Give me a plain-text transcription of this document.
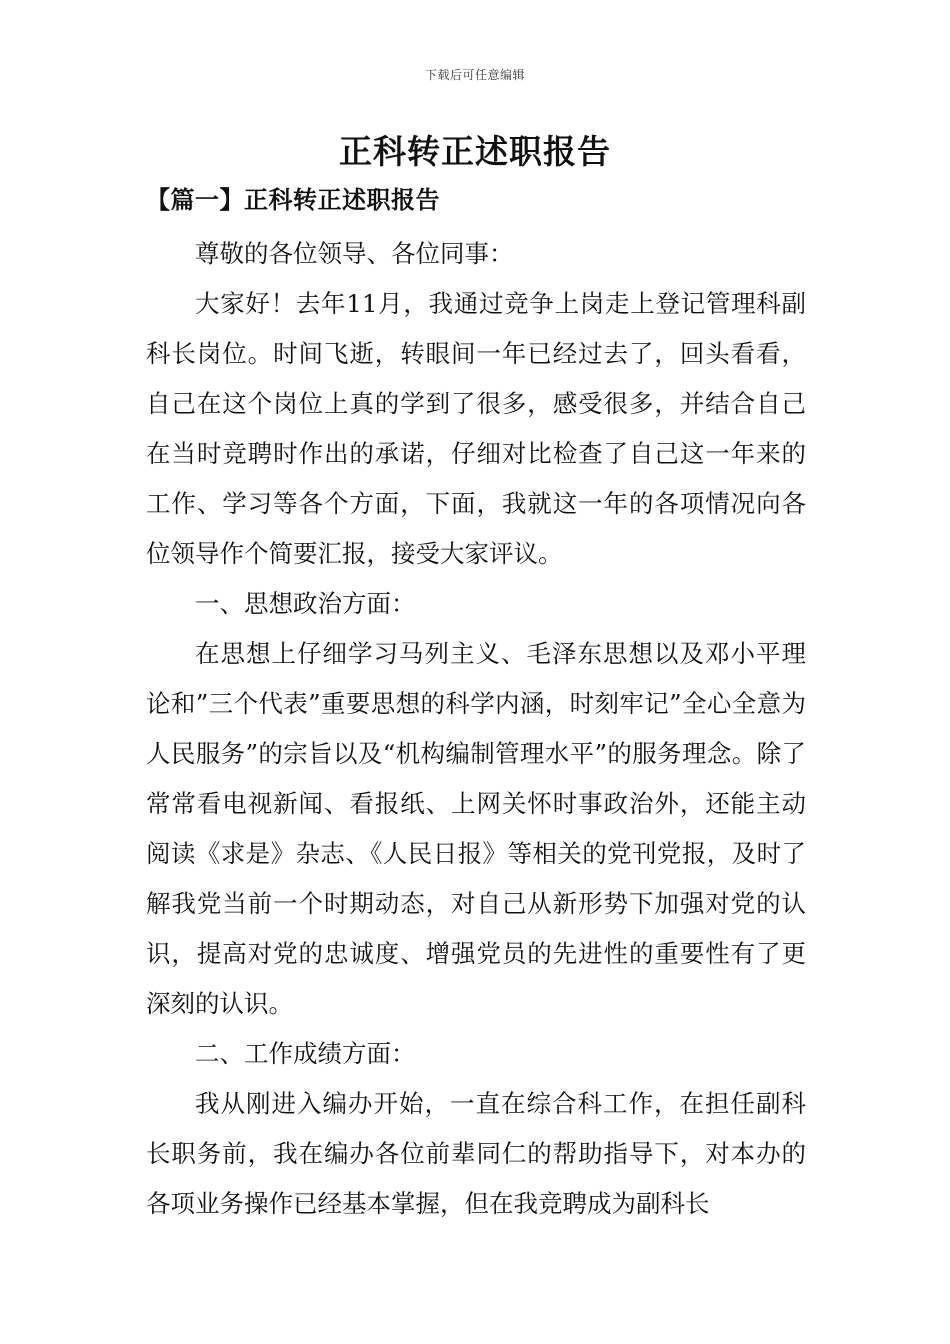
下载后可任意编辑
正科转正述职报告
【篇一】正科转正述职报告

尊敬的各位领导、各位同事：

大家好！去年11月，我通过竞争上岗走上登记管理科副科长岗位。时间飞逝，转眼间一年已经过去了，回头看看，自己在这个岗位上真的学到了很多，感受很多，并结合自己在当时竞聘时作出的承诺，仔细对比检查了自己这一年来的工作、学习等各个方面，下面，我就这一年的各项情况向各位领导作个简要汇报，接受大家评议。

一、思想政治方面：

在思想上仔细学习马列主义、毛泽东思想以及邓小平理论和”三个代表”重要思想的科学内涵，时刻牢记”全心全意为人民服务”的宗旨以及“机构编制管理水平”的服务理念。除了常常看电视新闻、看报纸、上网关怀时事政治外，还能主动阅读《求是》杂志、《人民日报》等相关的党刊党报，及时了解我党当前一个时期动态，对自己从新形势下加强对党的认识，提高对党的忠诚度、增强党员的先进性的重要性有了更深刻的认识。

二、工作成绩方面：

我从刚进入编办开始，一直在综合科工作，在担任副科长职务前，我在编办各位前辈同仁的帮助指导下，对本办的各项业务操作已经基本掌握，但在我竞聘成为副科长
